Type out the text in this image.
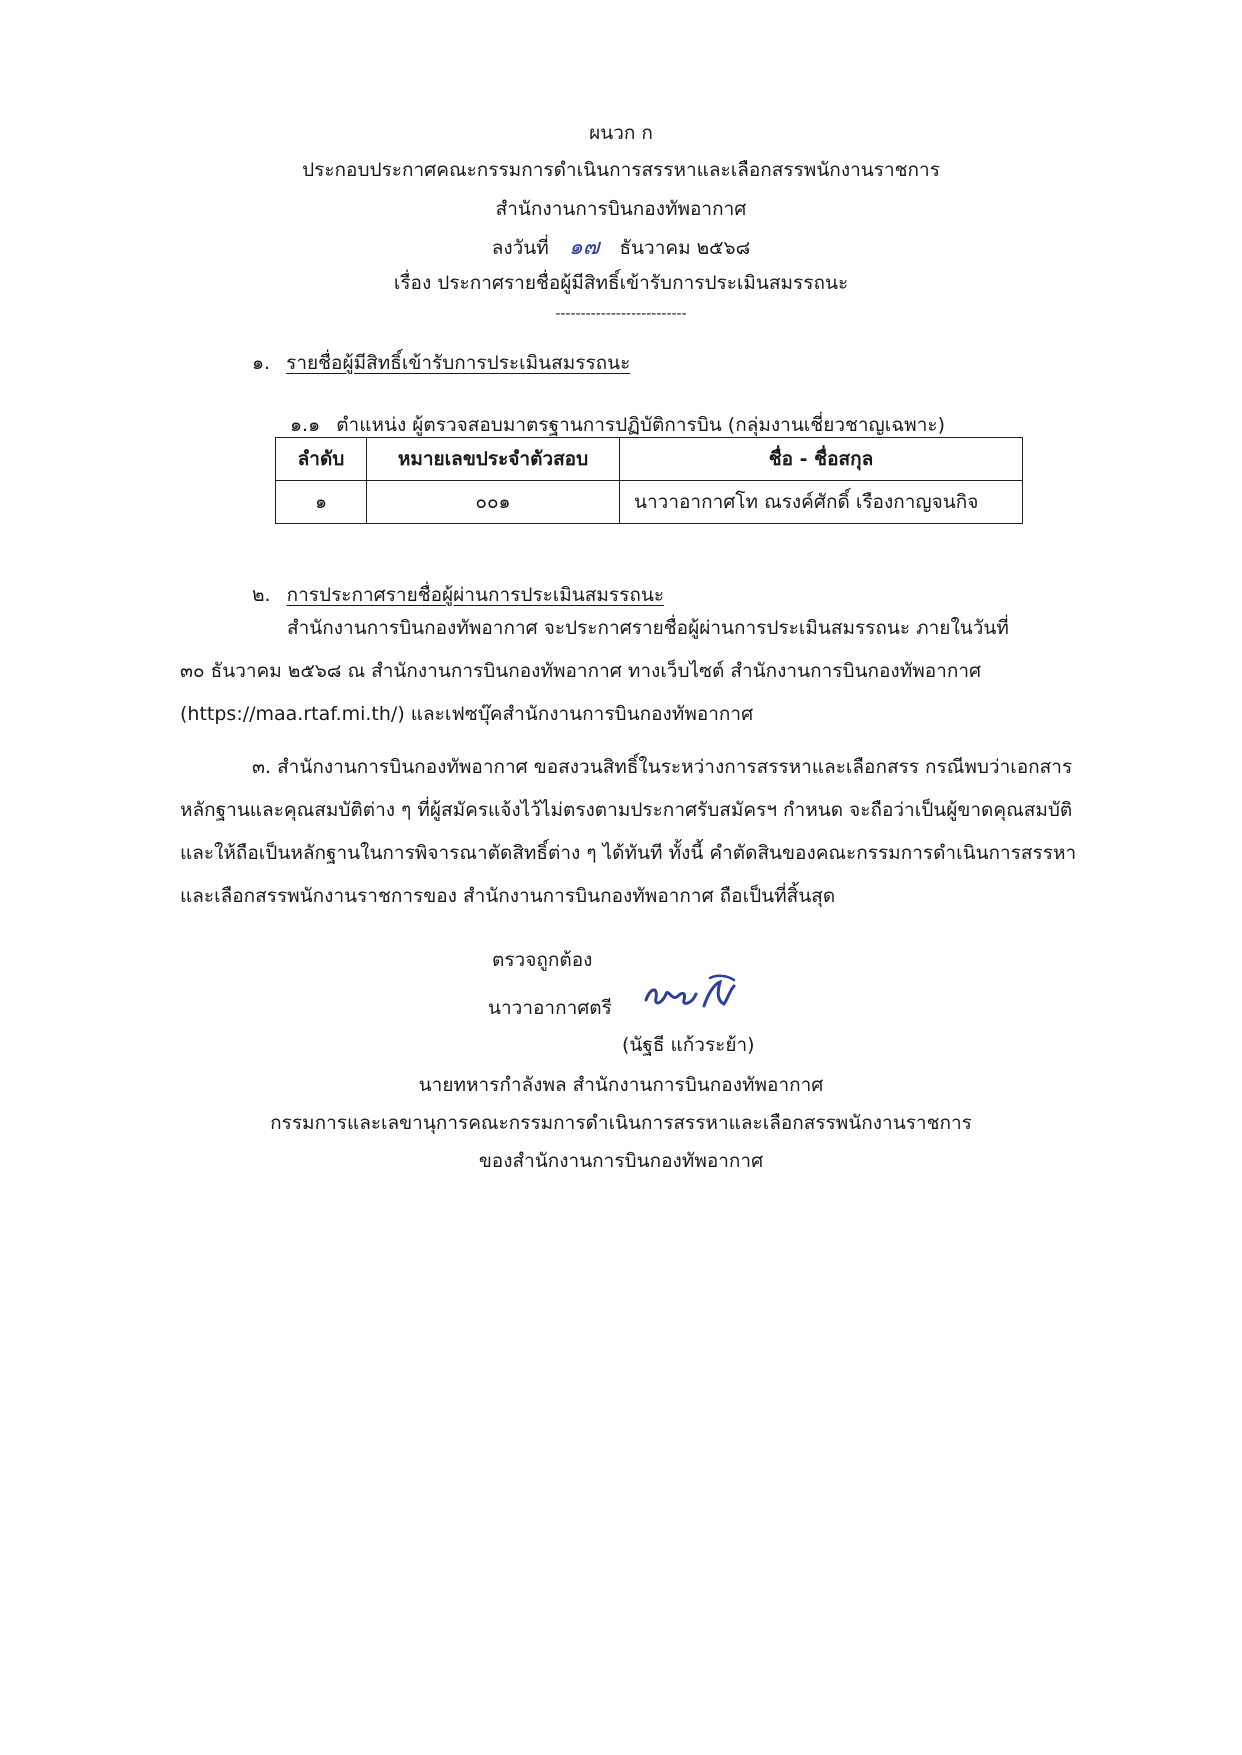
ผนวก ก
ประกอบประกาศคณะกรรมการดำเนินการสรรหาและเลือกสรรพนักงานราชการ
สำนักงานการบินกองทัพอากาศ
ลงวันที่ ๑๗ ธันวาคม ๒๕๖๘
เรื่อง ประกาศรายชื่อผู้มีสิทธิ์เข้ารับการประเมินสมรรถนะ
--------------------------
๑. รายชื่อผู้มีสิทธิ์เข้ารับการประเมินสมรรถนะ
๑.๑ ตำแหน่ง ผู้ตรวจสอบมาตรฐานการปฏิบัติการบิน (กลุ่มงานเชี่ยวชาญเฉพาะ)
ลำดับ	หมายเลขประจำตัวสอบ	ชื่อ - ชื่อสกุล
๑	๐๐๑	นาวาอากาศโท ณรงค์ศักดิ์ เรืองกาญจนกิจ
๒. การประกาศรายชื่อผู้ผ่านการประเมินสมรรถนะ
สำนักงานการบินกองทัพอากาศ จะประกาศรายชื่อผู้ผ่านการประเมินสมรรถนะ ภายในวันที่
๓๐ ธันวาคม ๒๕๖๘ ณ สำนักงานการบินกองทัพอากาศ ทางเว็บไซต์ สำนักงานการบินกองทัพอากาศ
(https://maa.rtaf.mi.th/) และเฟซบุ๊คสำนักงานการบินกองทัพอากาศ
๓. สำนักงานการบินกองทัพอากาศ ขอสงวนสิทธิ์ในระหว่างการสรรหาและเลือกสรร กรณีพบว่าเอกสาร
หลักฐานและคุณสมบัติต่าง ๆ ที่ผู้สมัครแจ้งไว้ไม่ตรงตามประกาศรับสมัครฯ กำหนด จะถือว่าเป็นผู้ขาดคุณสมบัติ
และให้ถือเป็นหลักฐานในการพิจารณาตัดสิทธิ์ต่าง ๆ ได้ทันที ทั้งนี้ คำตัดสินของคณะกรรมการดำเนินการสรรหา
และเลือกสรรพนักงานราชการของ สำนักงานการบินกองทัพอากาศ ถือเป็นที่สิ้นสุด
ตรวจถูกต้อง
นาวาอากาศตรี
(นัฐธี แก้วระย้า)
นายทหารกำลังพล สำนักงานการบินกองทัพอากาศ
กรรมการและเลขานุการคณะกรรมการดำเนินการสรรหาและเลือกสรรพนักงานราชการ
ของสำนักงานการบินกองทัพอากาศ
